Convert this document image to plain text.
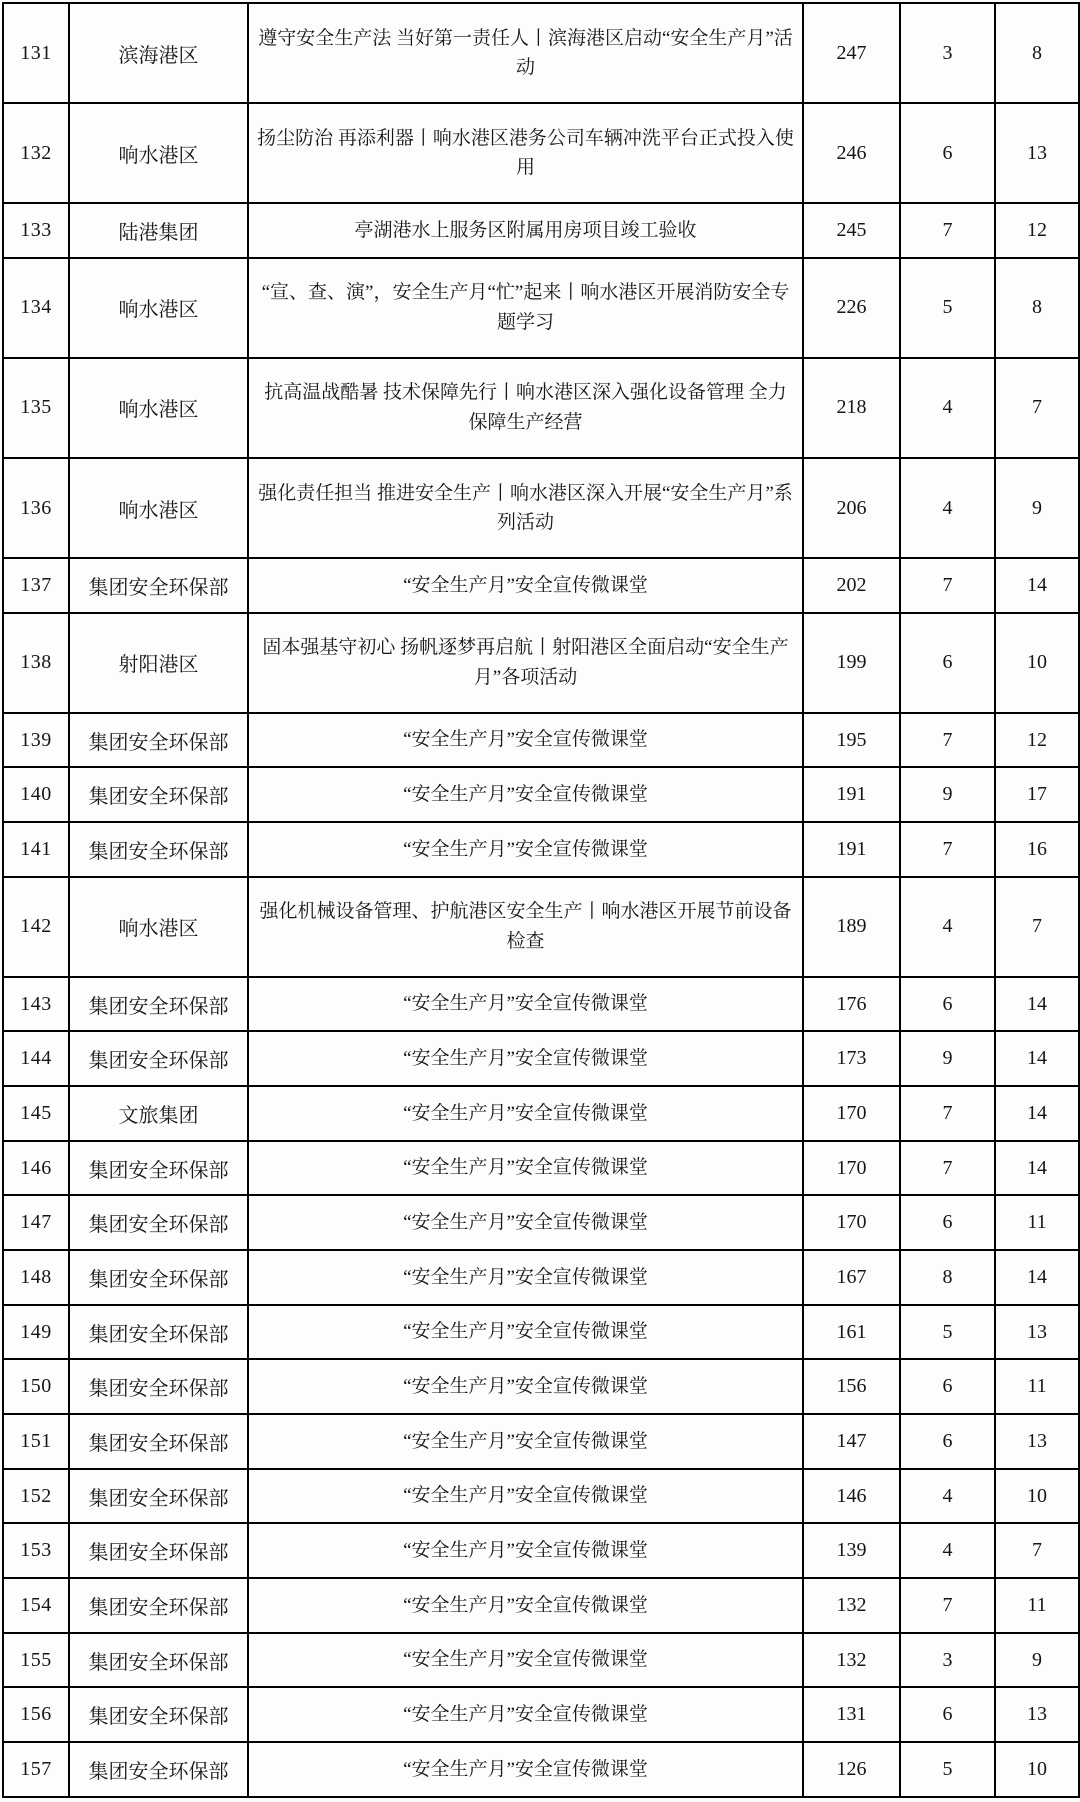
131	滨海港区	遵守安全生产法 当好第一责任人丨滨海港区启动“安全生产月”活动	247	3	8
132	响水港区	扬尘防治 再添利器丨响水港区港务公司车辆冲洗平台正式投入使用	246	6	13
133	陆港集团	亭湖港水上服务区附属用房项目竣工验收	245	7	12
134	响水港区	“宣、查、演”，安全生产月“忙”起来丨响水港区开展消防安全专题学习	226	5	8
135	响水港区	抗高温战酷暑 技术保障先行丨响水港区深入强化设备管理 全力保障生产经营	218	4	7
136	响水港区	强化责任担当 推进安全生产丨响水港区深入开展“安全生产月”系列活动	206	4	9
137	集团安全环保部	“安全生产月”安全宣传微课堂	202	7	14
138	射阳港区	固本强基守初心 扬帆逐梦再启航丨射阳港区全面启动“安全生产月”各项活动	199	6	10
139	集团安全环保部	“安全生产月”安全宣传微课堂	195	7	12
140	集团安全环保部	“安全生产月”安全宣传微课堂	191	9	17
141	集团安全环保部	“安全生产月”安全宣传微课堂	191	7	16
142	响水港区	强化机械设备管理、护航港区安全生产丨响水港区开展节前设备检查	189	4	7
143	集团安全环保部	“安全生产月”安全宣传微课堂	176	6	14
144	集团安全环保部	“安全生产月”安全宣传微课堂	173	9	14
145	文旅集团	“安全生产月”安全宣传微课堂	170	7	14
146	集团安全环保部	“安全生产月”安全宣传微课堂	170	7	14
147	集团安全环保部	“安全生产月”安全宣传微课堂	170	6	11
148	集团安全环保部	“安全生产月”安全宣传微课堂	167	8	14
149	集团安全环保部	“安全生产月”安全宣传微课堂	161	5	13
150	集团安全环保部	“安全生产月”安全宣传微课堂	156	6	11
151	集团安全环保部	“安全生产月”安全宣传微课堂	147	6	13
152	集团安全环保部	“安全生产月”安全宣传微课堂	146	4	10
153	集团安全环保部	“安全生产月”安全宣传微课堂	139	4	7
154	集团安全环保部	“安全生产月”安全宣传微课堂	132	7	11
155	集团安全环保部	“安全生产月”安全宣传微课堂	132	3	9
156	集团安全环保部	“安全生产月”安全宣传微课堂	131	6	13
157	集团安全环保部	“安全生产月”安全宣传微课堂	126	5	10
